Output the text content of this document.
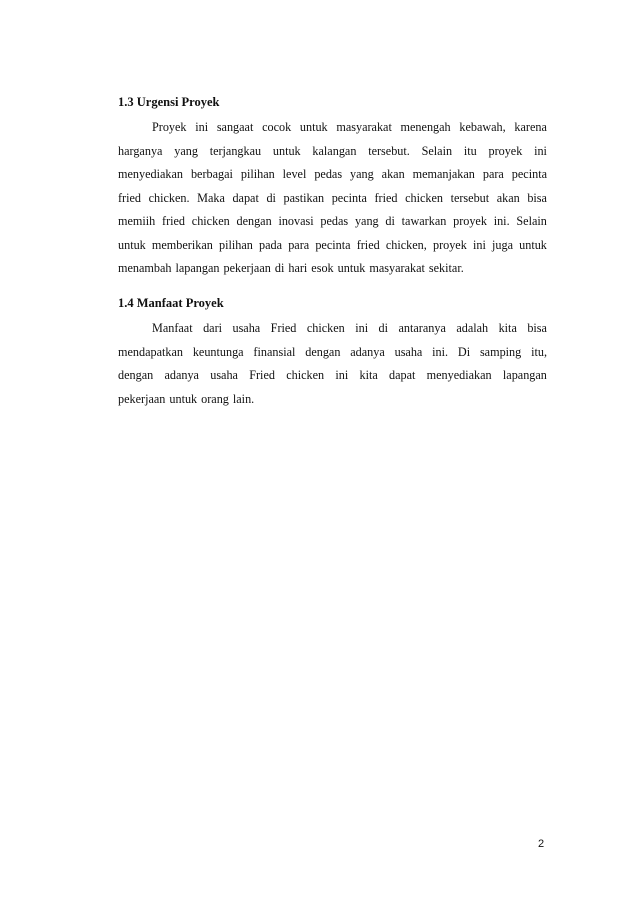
1.3 Urgensi Proyek
Proyek ini sangaat cocok untuk masyarakat menengah kebawah, karena
harganya yang terjangkau untuk kalangan tersebut. Selain itu proyek ini
menyediakan berbagai pilihan level pedas yang akan memanjakan para pecinta
fried chicken. Maka dapat di pastikan pecinta fried chicken tersebut akan bisa
memiih fried chicken dengan inovasi pedas yang di tawarkan proyek ini. Selain
untuk memberikan pilihan pada para pecinta fried chicken, proyek ini juga untuk
menambah lapangan pekerjaan di hari esok untuk masyarakat sekitar.
1.4 Manfaat Proyek
Manfaat dari usaha Fried chicken ini di antaranya adalah kita bisa
mendapatkan keuntunga finansial dengan adanya usaha ini. Di samping itu,
dengan adanya usaha Fried chicken ini kita dapat menyediakan lapangan
pekerjaan untuk orang lain.
2
